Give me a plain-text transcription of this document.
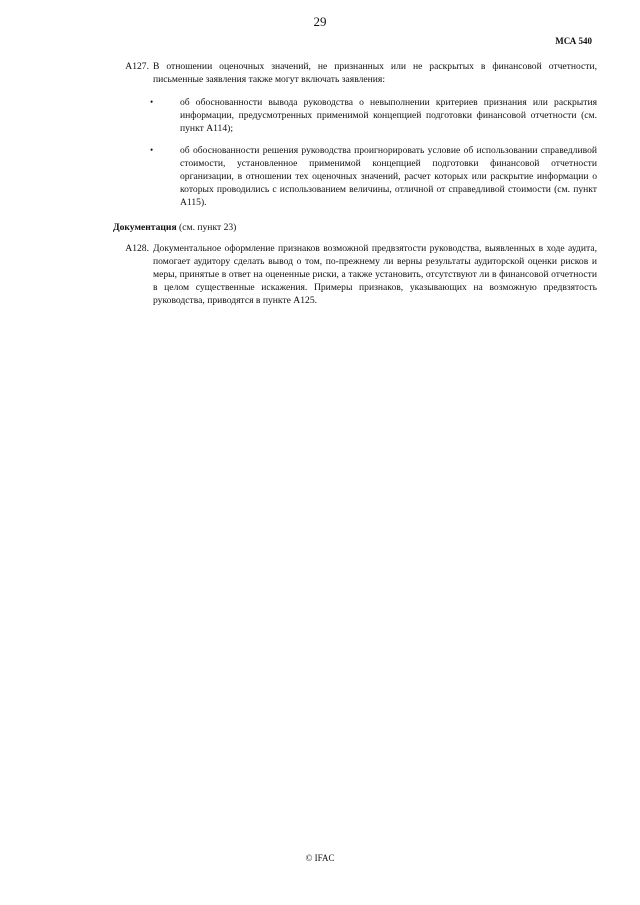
29
МСА 540
A127. В отношении оценочных значений, не признанных или не раскрытых в финансовой отчетности, письменные заявления также могут включать заявления:
•	об обоснованности вывода руководства о невыполнении критериев признания или раскрытия информации, предусмотренных применимой концепцией подготовки финансовой отчетности (см. пункт A114);
•	об обоснованности решения руководства проигнорировать условие об использовании справедливой стоимости, установленное применимой концепцией подготовки финансовой отчетности организации, в отношении тех оценочных значений, расчет которых или раскрытие информации о которых проводились с использованием величины, отличной от справедливой стоимости (см. пункт A115).
Документация (см. пункт 23)
A128. Документальное оформление признаков возможной предвзятости руководства, выявленных в ходе аудита, помогает аудитору сделать вывод о том, по-прежнему ли верны результаты аудиторской оценки рисков и меры, принятые в ответ на оцененные риски, а также установить, отсутствуют ли в финансовой отчетности в целом существенные искажения. Примеры признаков, указывающих на возможную предвзятость руководства, приводятся в пункте A125.
© IFAC
